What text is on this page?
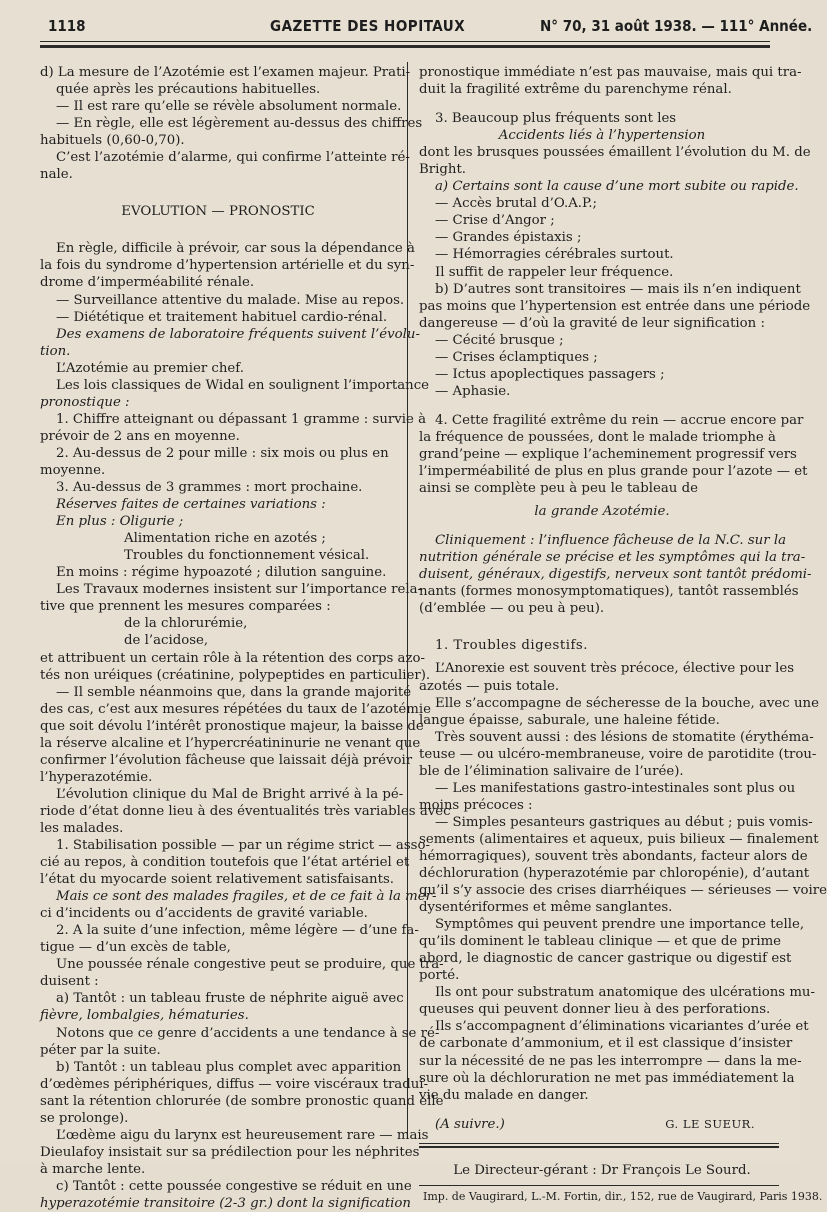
1118	GAZETTE DES HOPITAUX	N° 70, 31 août 1938. — 111° Année.

d) La mesure de l’Azotémie est l’examen majeur. Prati-

quée après les précautions habituelles.

— Il est rare qu’elle se révèle absolument normale.

— En règle, elle est légèrement au-dessus des chiffres

habituels (0,60-0,70).

C’est l’azotémie d’alarme, qui confirme l’atteinte ré-

nale.

EVOLUTION — PRONOSTIC

En règle, difficile à prévoir, car sous la dépendance à

la fois du syndrome d’hypertension artérielle et du syn-

drome d’imperméabilité rénale.

— Surveillance attentive du malade. Mise au repos.

— Diététique et traitement habituel cardio-rénal.

Des examens de laboratoire fréquents suivent l’évolu-

tion.

L’Azotémie au premier chef.

Les lois classiques de Widal en soulignent l’importance

pronostique :

1. Chiffre atteignant ou dépassant 1 gramme : survie à

prévoir de 2 ans en moyenne.

2. Au-dessus de 2 pour mille : six mois ou plus en

moyenne.

3. Au-dessus de 3 grammes : mort prochaine.

Réserves faites de certaines variations :

En plus : Oligurie ;

Alimentation riche en azotés ;

Troubles du fonctionnement vésical.

En moins : régime hypoazoté ; dilution sanguine.

Les Travaux modernes insistent sur l’importance rela-

tive que prennent les mesures comparées :

de la chlorurémie,

de l’acidose,

et attribuent un certain rôle à la rétention des corps azo-

tés non uréiques (créatinine, polypeptides en particulier).

— Il semble néanmoins que, dans la grande majorité

des cas, c’est aux mesures répétées du taux de l’azotémie

que soit dévolu l’intérêt pronostique majeur, la baisse de

la réserve alcaline et l’hypercréatininurie ne venant que

confirmer l’évolution fâcheuse que laissait déjà prévoir

l’hyperazotémie.

L’évolution clinique du Mal de Bright arrivé à la pé-

riode d’état donne lieu à des éventualités très variables avec

les malades.

1. Stabilisation possible — par un régime strict — asso-

cié au repos, à condition toutefois que l’état artériel et

l’état du myocarde soient relativement satisfaisants.

Mais ce sont des malades fragiles, et de ce fait à la mer-

ci d’incidents ou d’accidents de gravité variable.

2. A la suite d’une infection, même légère — d’une fa-

tigue — d’un excès de table,

Une poussée rénale congestive peut se produire, que tra-

duisent :

a) Tantôt : un tableau fruste de néphrite aiguë avec

fièvre, lombalgies, hématuries.

Notons que ce genre d’accidents a une tendance à se ré-

péter par la suite.

b) Tantôt : un tableau plus complet avec apparition

d’œdèmes périphériques, diffus — voire viscéraux tradui-

sant la rétention chlorurée (de sombre pronostic quand elle

se prolonge).

L’œdème aigu du larynx est heureusement rare — mais

Dieulafoy insistait sur sa prédilection pour les néphrites

à marche lente.

c) Tantôt : cette poussée congestive se réduit en une

hyperazotémie transitoire (2-3 gr.) dont la signification

pronostique immédiate n’est pas mauvaise, mais qui tra-

duit la fragilité extrême du parenchyme rénal.

3. Beaucoup plus fréquents sont les

Accidents liés à l’hypertension

dont les brusques poussées émaillent l’évolution du M. de

Bright.

a) Certains sont la cause d’une mort subite ou rapide.

— Accès brutal d’O.A.P.;

— Crise d’Angor ;

— Grandes épistaxis ;

— Hémorragies cérébrales surtout.

Il suffit de rappeler leur fréquence.

b) D’autres sont transitoires — mais ils n’en indiquent

pas moins que l’hypertension est entrée dans une période

dangereuse — d’où la gravité de leur signification :

— Cécité brusque ;

— Crises éclamptiques ;

— Ictus apoplectiques passagers ;

— Aphasie.

4. Cette fragilité extrême du rein — accrue encore par

la fréquence de poussées, dont le malade triomphe à

grand’peine — explique l’acheminement progressif vers

l’imperméabilité de plus en plus grande pour l’azote — et

ainsi se complète peu à peu le tableau de

la grande Azotémie.

Cliniquement : l’influence fâcheuse de la N.C. sur la

nutrition générale se précise et les symptômes qui la tra-

duisent, généraux, digestifs, nerveux sont tantôt prédomi-

nants (formes monosymptomatiques), tantôt rassemblés

(d’emblée — ou peu à peu).

1. Troubles digestifs.

L’Anorexie est souvent très précoce, élective pour les

azotés — puis totale.

Elle s’accompagne de sécheresse de la bouche, avec une

langue épaisse, saburale, une haleine fétide.

Très souvent aussi : des lésions de stomatite (érythéma-

teuse — ou ulcéro-membraneuse, voire de parotidite (trou-

ble de l’élimination salivaire de l’urée).

— Les manifestations gastro-intestinales sont plus ou

moins précoces :

— Simples pesanteurs gastriques au début ; puis vomis-

sements (alimentaires et aqueux, puis bilieux — finalement

hémorragiques), souvent très abondants, facteur alors de

déchloruration (hyperazotémie par chloropénie), d’autant

qu’il s’y associe des crises diarrhéiques — sérieuses — voire

dysentériformes et même sanglantes.

Symptômes qui peuvent prendre une importance telle,

qu’ils dominent le tableau clinique — et que de prime

abord, le diagnostic de cancer gastrique ou digestif est

porté.

Ils ont pour substratum anatomique des ulcérations mu-

queuses qui peuvent donner lieu à des perforations.

Ils s’accompagnent d’éliminations vicariantes d’urée et

de carbonate d’ammonium, et il est classique d’insister

sur la nécessité de ne pas les interrompre — dans la me-

sure où la déchloruration ne met pas immédiatement la

vie du malade en danger.

(A suivre.)	G. LE SUEUR.

Le Directeur-gérant : Dr François Le Sourd.

Imp. de Vaugirard, L.-M. Fortin, dir., 152, rue de Vaugirard, Paris 1938.
